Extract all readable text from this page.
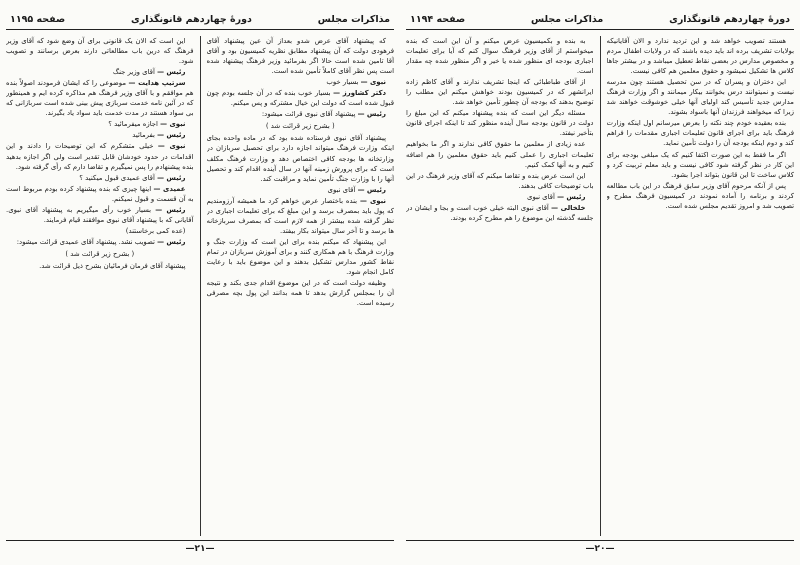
مذاکرات مجلس
دورهٔ چهاردهم قانونگذاری
صفحه ۱۱۹۵
که پیشنهاد آقای عرض شدو بعداز آن عین پیشنهاد آقای فرهودی دولت که آن پیشنهاد مطابق نظریه کمیسیون بود و آقای آقا تامین شده است حالا اگر بفرمائید وزیر فرهنگ پیشنهاد شده است پس نظر آقای کاملاً تأمین شده است.
نبوی — بسیار خوب
دکتر کشاورز — بسیار خوب بنده که در آن جلسه بودم چون قبول شده است که دولت این خیال مشترکه و پس میکنم.
رئیس — پیشنهاد آقای نبوی قرائت میشود:
( بشرح زیر قرائت شد )
پیشنهاد آقای نبوی فرستاده شده بود که در ماده واحده بجای اینکه وزارت فرهنگ میتواند اجازه دارد برای تحصیل سربازان در وزارتخانه ها بودجه کافی اختصاص دهد و وزارت فرهنگ مکلف است که برای پرورش زمینه آنها در سال آینده اقدام کند و تحصیل آنها را با وزارت جنگ تأمین نماید و مراقبت کند.
رئیس — آقای نبوی
نبوی — بنده باختصار عرض خواهم کرد ما همیشه آرزومندیم که پول باید بمصرف برسد و این مبلغ که برای تعلیمات اجباری در نظر گرفته شده بیشتر از همه لازم است که بمصرف سربازخانه ها برسد و تا آخر سال میتواند بکار بیفتد.
این پیشنهاد که میکنم بنده برای این است که وزارت جنگ و وزارت فرهنگ با هم همکاری کنند و برای آموزش سربازان در تمام نقاط کشور مدارس تشکیل بدهند و این موضوع باید با رعایت کامل انجام شود.
وظیفه دولت است که در این موضوع اقدام جدی بکند و نتیجه آن را بمجلس گزارش بدهد تا همه بدانند این پول بچه مصرفی رسیده است.
این است که الان یک قانونی برای آن وضع شود که آقای وزیر فرهنگ که درین باب مطالعاتی دارند بعرض برسانند و تصویب شود.
رئیس — آقای وزیر جنگ
سرتیپ هدایت — موضوعی را که ایشان فرمودند اصولاً بنده هم موافقم و با آقای وزیر فرهنگ هم مذاکره کرده ایم و همینطور که در آئین نامه خدمت سربازی پیش بینی شده است سربازانی که بی سواد هستند در مدت خدمت باید سواد یاد بگیرند.
نبوی — اجازه میفرمائید ؟
رئیس — بفرمائید
نبوی — خیلی متشکرم که این توضیحات را دادند و این اقدامات در حدود خودشان قابل تقدیر است ولی اگر اجازه بدهید بنده پیشنهادم را پس نمیگیرم و تقاضا دارم که رأی گرفته شود.
رئیس — آقای عمیدی قبول میکنید ؟
عمیدی — اینها چیزی که بنده پیشنهاد کرده بودم مربوط است به آن قسمت و قبول نمیکنم.
رئیس — بسیار خوب رأی میگیریم به پیشنهاد آقای نبوی. آقایانی که با پیشنهاد آقای نبوی موافقند قیام فرمایند.
(عده کمی برخاستند)
رئیس — تصویب نشد. پیشنهاد آقای عمیدی قرائت میشود:
( بشرح زیر قرائت شد )
پیشنهاد آقای فرمان فرمائیان بشرح ذیل قرائت شد.
—۲۱—
دورهٔ چهاردهم قانونگذاری
مذاکرات مجلس
صفحه ۱۱۹۴
هستند تصویب خواهد شد و این تردید ندارد و الان آقایانیکه بولایات تشریف برده اند باید دیده باشند که در ولایات اطفال مردم و مخصوص مدارس در بعضی نقاط تعطیل میباشد و در بیشتر جاها کلاس ها تشکیل نمیشود و حقوق معلمین هم کافی نیست.
این دختران و پسران که در سن تحصیل هستند چون مدرسه نیست و نمیتوانند درس بخوانند بیکار میمانند و اگر وزارت فرهنگ مدارس جدید تأسیس کند اولیای آنها خیلی خوشوقت خواهند شد زیرا که میخواهند فرزندان آنها باسواد بشوند.
بنده بعقیده خودم چند نکته را بعرض میرسانم اول اینکه وزارت فرهنگ باید برای اجرای قانون تعلیمات اجباری مقدمات را فراهم کند و دوم اینکه بودجه آن را دولت تأمین نماید.
اگر ما فقط به این صورت اکتفا کنیم که یک مبلغی بودجه برای این کار در نظر گرفته شود کافی نیست و باید معلم تربیت کرد و کلاس ساخت تا این قانون بتواند اجرا بشود.
پس از آنکه مرحوم آقای وزیر سابق فرهنگ در این باب مطالعه کردند و برنامه را آماده نمودند در کمیسیون فرهنگ مطرح و تصویب شد و امروز تقدیم مجلس شده است.
به بنده و بکمیسیون عرض میکنم و آن این است که بنده میخواستم از آقای وزیر فرهنگ سوال کنم که آیا برای تعلیمات اجباری بودجه ای منظور شده یا خیر و اگر منظور شده چه مقدار است.
از آقای طباطبائی که اینجا تشریف ندارند و آقای کاظم زاده ایرانشهر که در کمیسیون بودند خواهش میکنم این مطلب را توضیح بدهند که بودجه آن چطور تأمین خواهد شد.
مسئله دیگر این است که بنده پیشنهاد میکنم که این مبلغ را دولت در قانون بودجه سال آینده منظور کند تا اینکه اجرای قانون بتأخیر نیفتد.
عده زیادی از معلمین ما حقوق کافی ندارند و اگر ما بخواهیم تعلیمات اجباری را عملی کنیم باید حقوق معلمین را هم اضافه کنیم و به آنها کمک کنیم.
این است عرض بنده و تقاضا میکنم که آقای وزیر فرهنگ در این باب توضیحات کافی بدهند.
رئیس — آقای نبوی
خلخالی — آقای نبوی البته خیلی خوب است و بجا و ایشان در جلسه گذشته این موضوع را هم مطرح کرده بودند.
—۲۰—
